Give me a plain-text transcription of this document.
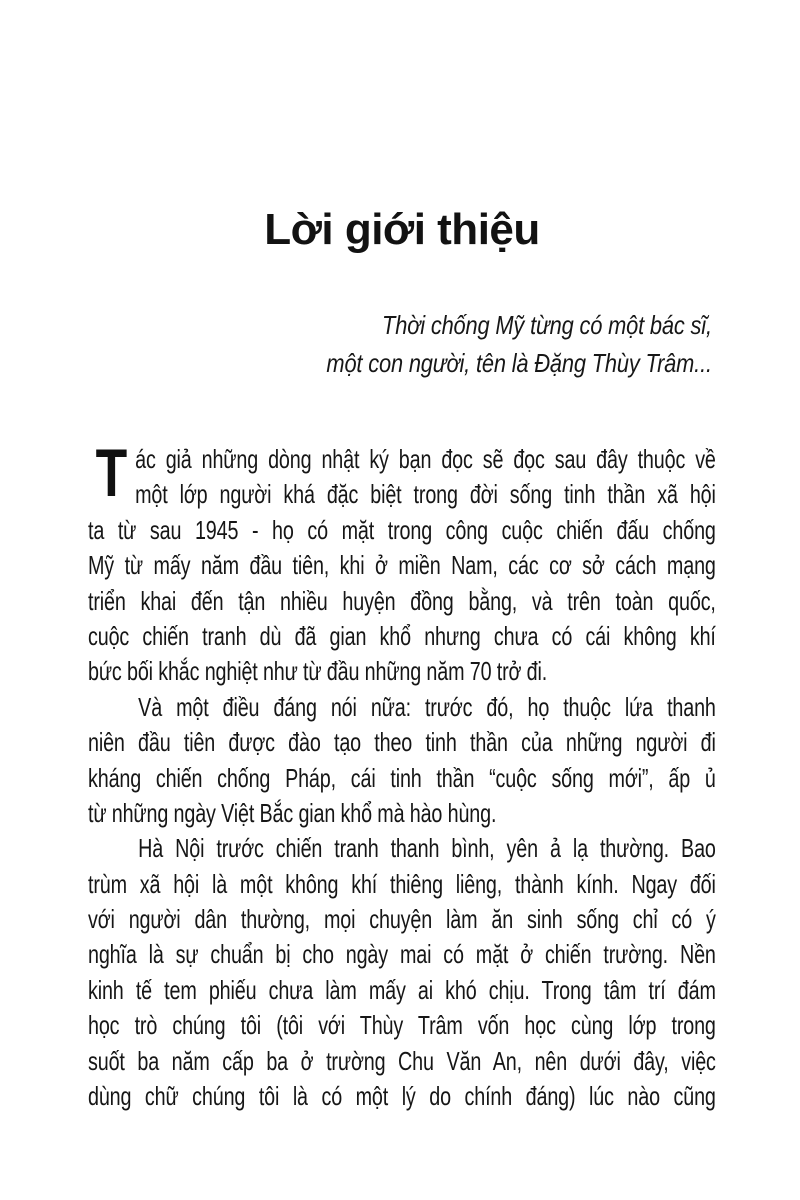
Lời giới thiệu
Thời chống Mỹ từng có một bác sĩ,
một con người, tên là Đặng Thùy Trâm...
T ác giả những dòng nhật ký bạn đọc sẽ đọc sau đây thuộc về
một lớp người khá đặc biệt trong đời sống tinh thần xã hội
ta từ sau 1945 - họ có mặt trong công cuộc chiến đấu chống
Mỹ từ mấy năm đầu tiên, khi ở miền Nam, các cơ sở cách mạng
triển khai đến tận nhiều huyện đồng bằng, và trên toàn quốc,
cuộc chiến tranh dù đã gian khổ nhưng chưa có cái không khí
bức bối khắc nghiệt như từ đầu những năm 70 trở đi.
Và một điều đáng nói nữa: trước đó, họ thuộc lứa thanh
niên đầu tiên được đào tạo theo tinh thần của những người đi
kháng chiến chống Pháp, cái tinh thần “cuộc sống mới”, ấp ủ
từ những ngày Việt Bắc gian khổ mà hào hùng.
Hà Nội trước chiến tranh thanh bình, yên ả lạ thường. Bao
trùm xã hội là một không khí thiêng liêng, thành kính. Ngay đối
với người dân thường, mọi chuyện làm ăn sinh sống chỉ có ý
nghĩa là sự chuẩn bị cho ngày mai có mặt ở chiến trường. Nền
kinh tế tem phiếu chưa làm mấy ai khó chịu. Trong tâm trí đám
học trò chúng tôi (tôi với Thùy Trâm vốn học cùng lớp trong
suốt ba năm cấp ba ở trường Chu Văn An, nên dưới đây, việc
dùng chữ chúng tôi là có một lý do chính đáng) lúc nào cũng
